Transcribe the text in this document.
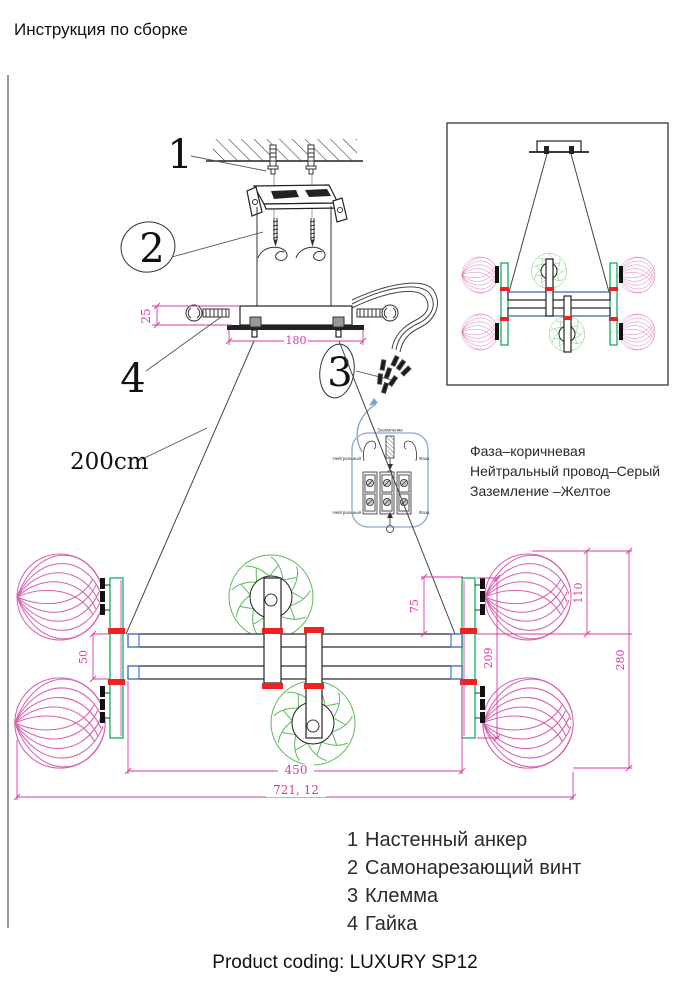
25
180
1
2
3
4
Заземление
Нейтральный
Нейтральный
Фаза
Фаза
50
75
209
110
280
450
721, 12
Инструкция по сборке
200cm	Фаза–коричневая
Нейтральный провод–Серый
Заземление –Желтое
1 Настенный анкер
2 Самонарезающий винт
3 Клемма
4 Гайка
Product coding: LUXURY SP12
